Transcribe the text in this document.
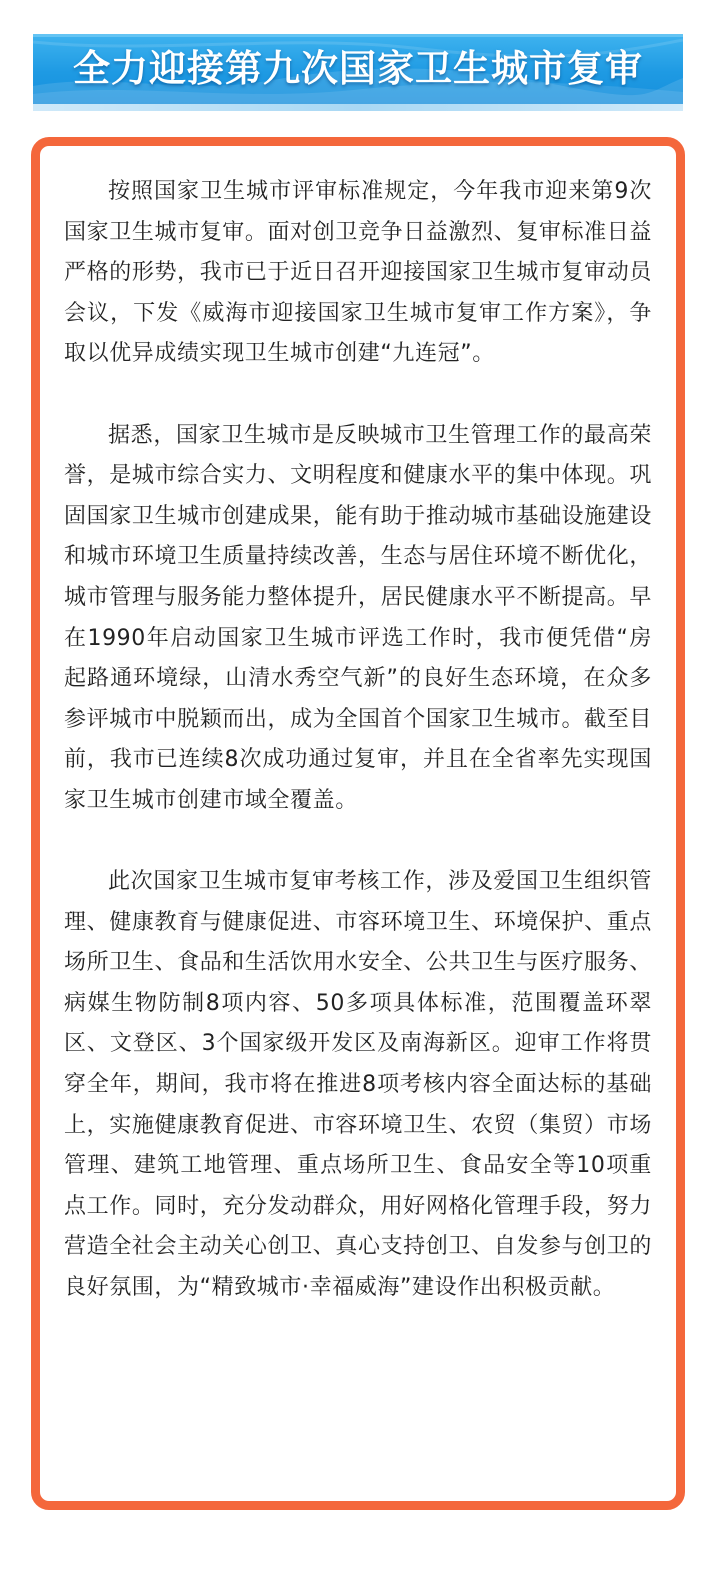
全力迎接第九次国家卫生城市复审

按照国家卫生城市评审标准规定，今年我市迎来第9次国家卫生城市复审。面对创卫竞争日益激烈、复审标准日益严格的形势，我市已于近日召开迎接国家卫生城市复审动员会议，下发《威海市迎接国家卫生城市复审工作方案》，争取以优异成绩实现卫生城市创建“九连冠”。

据悉，国家卫生城市是反映城市卫生管理工作的最高荣誉，是城市综合实力、文明程度和健康水平的集中体现。巩固国家卫生城市创建成果，能有助于推动城市基础设施建设和城市环境卫生质量持续改善，生态与居住环境不断优化，城市管理与服务能力整体提升，居民健康水平不断提高。早在1990年启动国家卫生城市评选工作时，我市便凭借“房起路通环境绿，山清水秀空气新”的良好生态环境，在众多参评城市中脱颖而出，成为全国首个国家卫生城市。截至目前，我市已连续8次成功通过复审，并且在全省率先实现国家卫生城市创建市域全覆盖。

此次国家卫生城市复审考核工作，涉及爱国卫生组织管理、健康教育与健康促进、市容环境卫生、环境保护、重点场所卫生、食品和生活饮用水安全、公共卫生与医疗服务、病媒生物防制8项内容、50多项具体标准，范围覆盖环翠区、文登区、3个国家级开发区及南海新区。迎审工作将贯穿全年，期间，我市将在推进8项考核内容全面达标的基础上，实施健康教育促进、市容环境卫生、农贸（集贸）市场管理、建筑工地管理、重点场所卫生、食品安全等10项重点工作。同时，充分发动群众，用好网格化管理手段，努力营造全社会主动关心创卫、真心支持创卫、自发参与创卫的良好氛围，为“精致城市·幸福威海”建设作出积极贡献。
